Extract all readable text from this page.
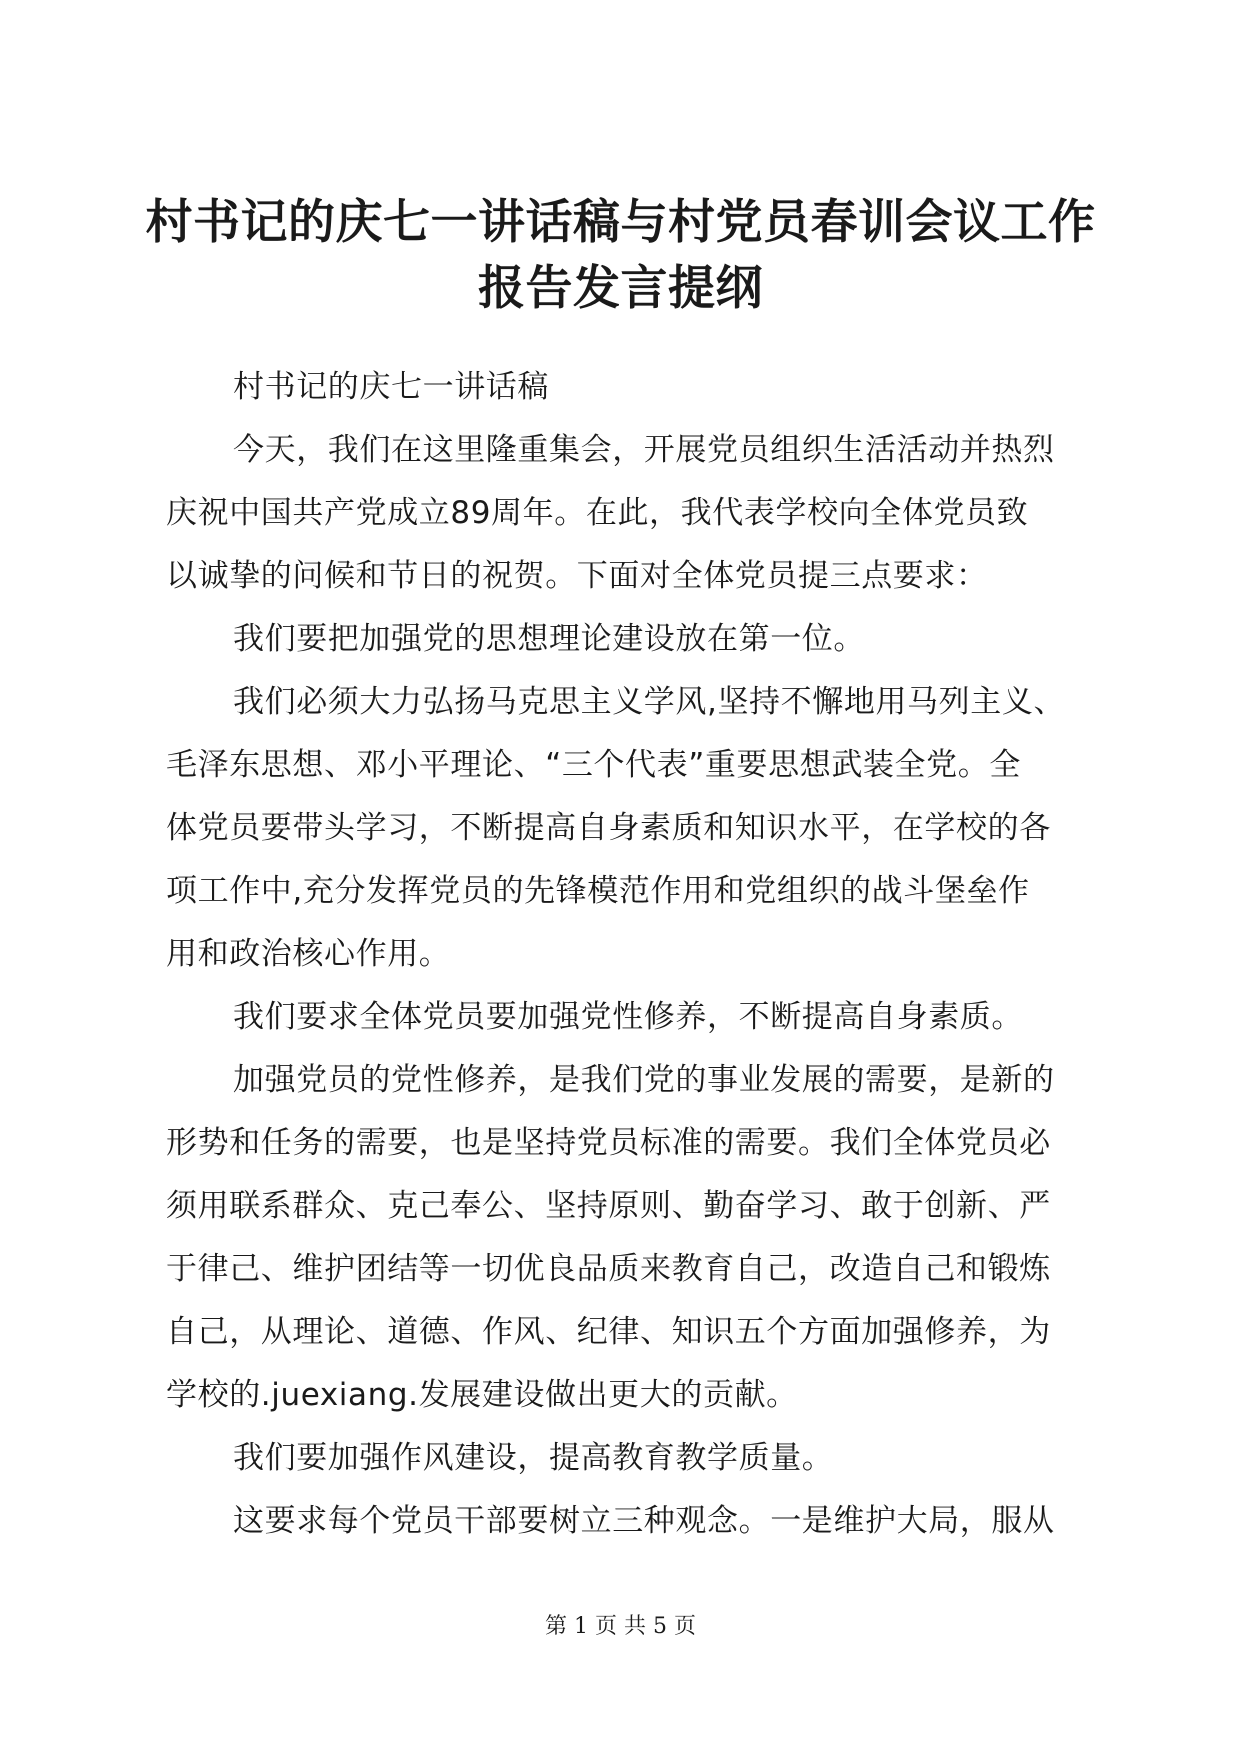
村书记的庆七一讲话稿与村党员春训会议工作
报告发言提纲
村书记的庆七一讲话稿
今天，我们在这里隆重集会，开展党员组织生活活动并热烈
庆祝中国共产党成立89周年。在此，我代表学校向全体党员致
以诚挚的问候和节日的祝贺。下面对全体党员提三点要求：
我们要把加强党的思想理论建设放在第一位。
我们必须大力弘扬马克思主义学风,坚持不懈地用马列主义、
毛泽东思想、邓小平理论、“三个代表”重要思想武装全党。全
体党员要带头学习，不断提高自身素质和知识水平，在学校的各
项工作中,充分发挥党员的先锋模范作用和党组织的战斗堡垒作
用和政治核心作用。
我们要求全体党员要加强党性修养，不断提高自身素质。
加强党员的党性修养，是我们党的事业发展的需要，是新的
形势和任务的需要，也是坚持党员标准的需要。我们全体党员必
须用联系群众、克己奉公、坚持原则、勤奋学习、敢于创新、严
于律己、维护团结等一切优良品质来教育自己，改造自己和锻炼
自己，从理论、道德、作风、纪律、知识五个方面加强修养，为
学校的.juexiang.发展建设做出更大的贡献。
我们要加强作风建设，提高教育教学质量。
这要求每个党员干部要树立三种观念。一是维护大局，服从
第 1 页 共 5 页
